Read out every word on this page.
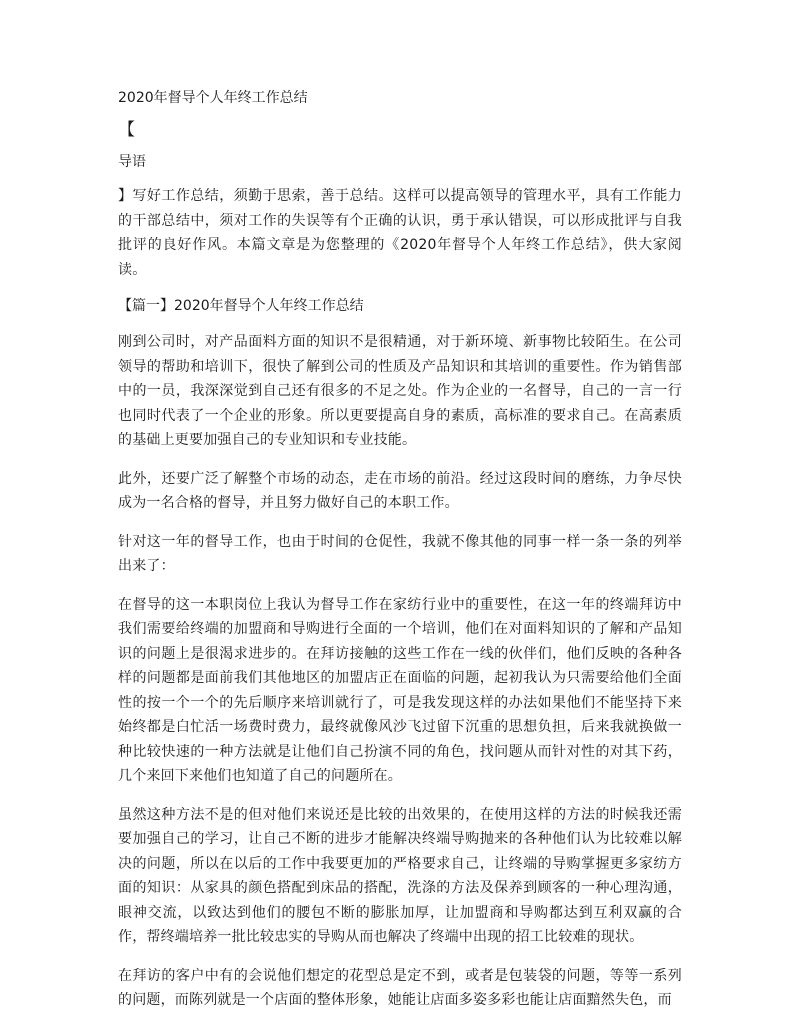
2020年督导个人年终工作总结

【

导语

】写好工作总结，须勤于思索，善于总结。这样可以提高领导的管理水平，具有工作能力的干部总结中，须对工作的失误等有个正确的认识，勇于承认错误，可以形成批评与自我批评的良好作风。本篇文章是为您整理的《2020年督导个人年终工作总结》，供大家阅读。

【篇一】2020年督导个人年终工作总结

刚到公司时，对产品面料方面的知识不是很精通，对于新环境、新事物比较陌生。在公司领导的帮助和培训下，很快了解到公司的性质及产品知识和其培训的重要性。作为销售部中的一员，我深深觉到自己还有很多的不足之处。作为企业的一名督导，自己的一言一行也同时代表了一个企业的形象。所以更要提高自身的素质，高标准的要求自己。在高素质的基础上更要加强自己的专业知识和专业技能。

此外，还要广泛了解整个市场的动态，走在市场的前沿。经过这段时间的磨练，力争尽快成为一名合格的督导，并且努力做好自己的本职工作。

针对这一年的督导工作，也由于时间的仓促性，我就不像其他的同事一样一条一条的列举出来了：

在督导的这一本职岗位上我认为督导工作在家纺行业中的重要性，在这一年的终端拜访中我们需要给终端的加盟商和导购进行全面的一个培训，他们在对面料知识的了解和产品知识的问题上是很渴求进步的。在拜访接触的这些工作在一线的伙伴们，他们反映的各种各样的问题都是面前我们其他地区的加盟店正在面临的问题，起初我认为只需要给他们全面性的按一个一个的先后顺序来培训就行了，可是我发现这样的办法如果他们不能坚持下来始终都是白忙活一场费时费力，最终就像风沙飞过留下沉重的思想负担，后来我就换做一种比较快速的一种方法就是让他们自己扮演不同的角色，找问题从而针对性的对其下药，几个来回下来他们也知道了自己的问题所在。

虽然这种方法不是的但对他们来说还是比较的出效果的，在使用这样的方法的时候我还需要加强自己的学习，让自己不断的进步才能解决终端导购抛来的各种他们认为比较难以解决的问题，所以在以后的工作中我要更加的严格要求自己，让终端的导购掌握更多家纺方面的知识：从家具的颜色搭配到床品的搭配，洗涤的方法及保养到顾客的一种心理沟通，眼神交流，以致达到他们的腰包不断的膨胀加厚，让加盟商和导购都达到互利双赢的合作，帮终端培养一批比较忠实的导购从而也解决了终端中出现的招工比较难的现状。

在拜访的客户中有的会说他们想定的花型总是定不到，或者是包装袋的问题，等等一系列的问题，而陈列就是一个店面的整体形象，她能让店面多姿多彩也能让店面黯然失色，而
